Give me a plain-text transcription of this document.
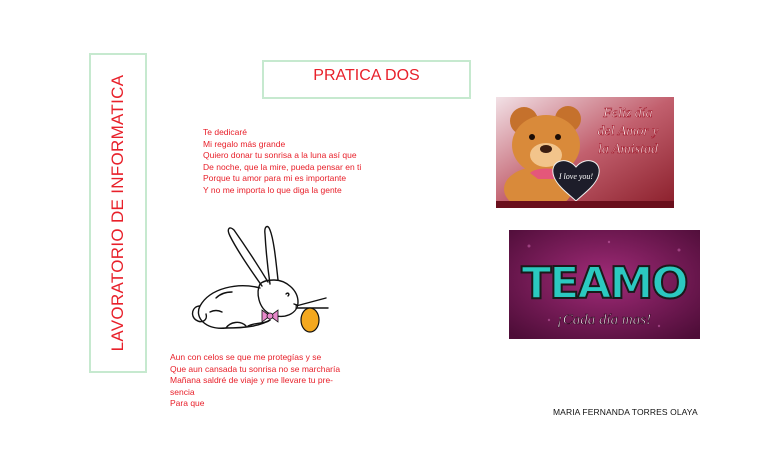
LAVORATORIO DE INFORMATICA	PRATICA DOS
Te dedicaré
Mi regalo más grande
Quiero donar tu sonrisa a la luna así que
De noche, que la mire, pueda pensar en ti
Porque tu amor para mi es importante
Y no me importa lo que diga la gente
Aun con celos se que me protegías y se
Que aun cansada tu sonrisa no se marcharía
Mañana saldré de viaje y me llevare tu pre-
sencia
Para que
I love you!
Feliz día
del Amor y
la Amistad
TEAMO
¡Cada día mas!
MARIA FERNANDA TORRES OLAYA
